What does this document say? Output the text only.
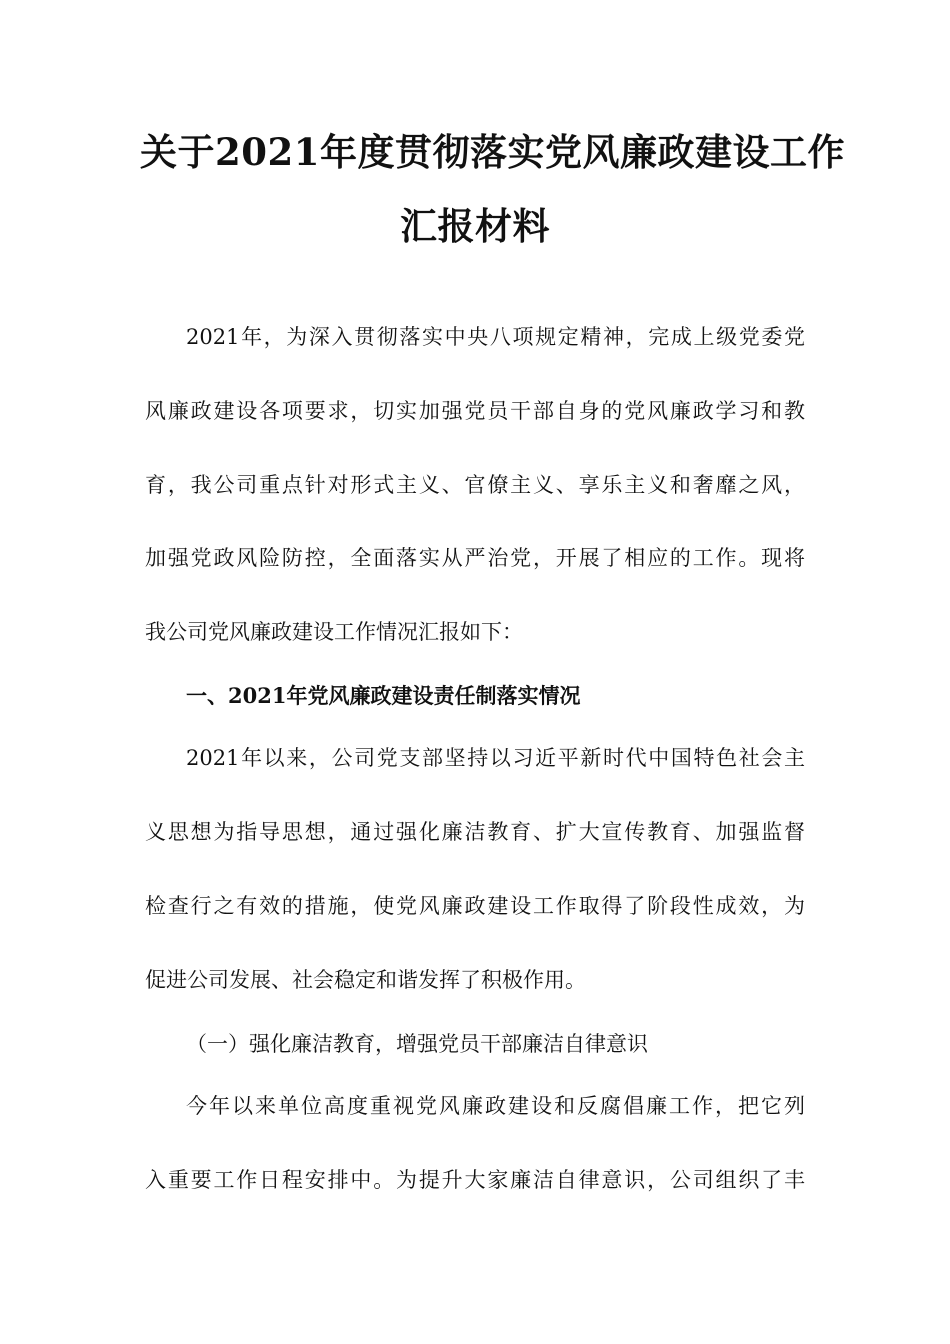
关于2021年度贯彻落实党风廉政建设工作
汇报材料
2021年，为深入贯彻落实中央八项规定精神，完成上级党委党
风廉政建设各项要求，切实加强党员干部自身的党风廉政学习和教
育，我公司重点针对形式主义、官僚主义、享乐主义和奢靡之风，
加强党政风险防控，全面落实从严治党，开展了相应的工作。现将
我公司党风廉政建设工作情况汇报如下：
一、2021年党风廉政建设责任制落实情况
2021年以来，公司党支部坚持以习近平新时代中国特色社会主
义思想为指导思想，通过强化廉洁教育、扩大宣传教育、加强监督
检查行之有效的措施，使党风廉政建设工作取得了阶段性成效，为
促进公司发展、社会稳定和谐发挥了积极作用。
（一）强化廉洁教育，增强党员干部廉洁自律意识
今年以来单位高度重视党风廉政建设和反腐倡廉工作，把它列
入重要工作日程安排中。为提升大家廉洁自律意识，公司组织了丰
